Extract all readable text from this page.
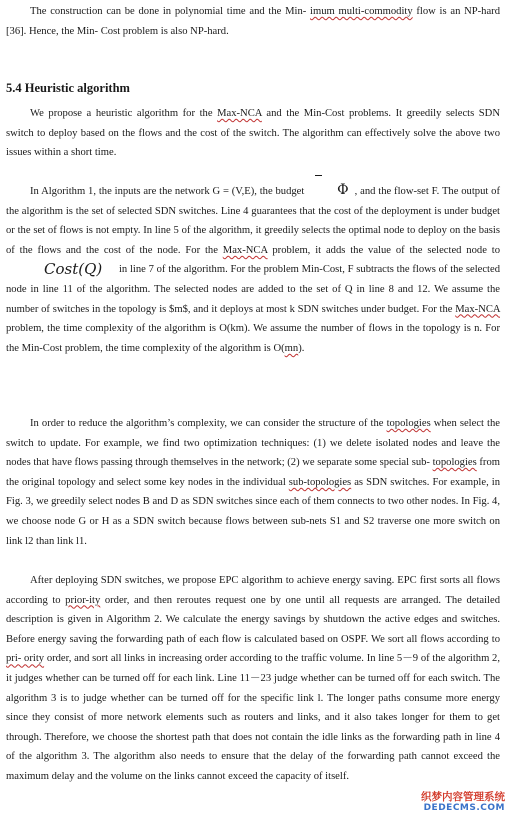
The construction can be done in polynomial time and the Min- imum multi-commodity flow is an NP-hard [36]. Hence, the Min- Cost problem is also NP-hard.

5.4 Heuristic algorithm

We propose a heuristic algorithm for the Max-NCA and the Min-Cost problems. It greedily selects SDN switch to deploy based on the flows and the cost of the switch. The algorithm can effectively solve the above two issues within a short time.

In Algorithm 1, the inputs are the network G = (V,E), the budget Φ , and the flow-set F. The output of the algorithm is the set of selected SDN switches. Line 4 guarantees that the cost of the deployment is under budget or the set of flows is not empty. In line 5 of the algorithm, it greedily selects the optimal node to deploy on the basis of the flows and the cost of the node. For the Max-NCA problem, it adds the value of the selected node to Cost(Q) in line 7 of the algorithm. For the problem Min-Cost, F subtracts the flows of the selected node in line 11 of the algorithm. The selected nodes are added to the set of Q in line 8 and 12. We assume the number of switches in the topology is $m$, and it deploys at most k SDN switches under budget. For the Max-NCA problem, the time complexity of the algorithm is O(km). We assume the number of flows in the topology is n. For the Min-Cost problem, the time complexity of the algorithm is O(mn).

In order to reduce the algorithm’s complexity, we can consider the structure of the topologies when select the switch to update. For example, we find two optimization techniques: (1) we delete isolated nodes and leave the nodes that have flows passing through themselves in the network; (2) we separate some special sub- topologies from the original topology and select some key nodes in the individual sub-topologies as SDN switches. For example, in Fig. 3, we greedily select nodes B and D as SDN switches since each of them connects to two other nodes. In Fig. 4, we choose node G or H as a SDN switch because flows between sub-nets S1 and S2 traverse one more switch on link l2 than link l1.

After deploying SDN switches, we propose EPC algorithm to achieve energy saving. EPC first sorts all flows according to prior-ity order, and then reroutes request one by one until all requests are arranged. The detailed description is given in Algorithm 2. We calculate the energy savings by shutdown the active edges and switches. Before energy saving the forwarding path of each flow is calculated based on OSPF. We sort all flows according to pri- ority order, and sort all links in increasing order according to the traffic volume. In line 5－9 of the algorithm 2, it judges whether can be turned off for each link. Line 11－23 judge whether can be turned off for each switch. The algorithm 3 is to judge whether can be turned off for the specific link l. The longer paths consume more energy since they consist of more network elements such as routers and links, and it also takes longer for them to get through. Therefore, we choose the shortest path that does not contain the idle links as the forwarding path in line 4 of the algorithm 3. The algorithm also needs to ensure that the delay of the forwarding path cannot exceed the maximum delay and the volume on the links cannot exceed the capacity of itself.

织梦内容管理系统
DEDECMS.COM
